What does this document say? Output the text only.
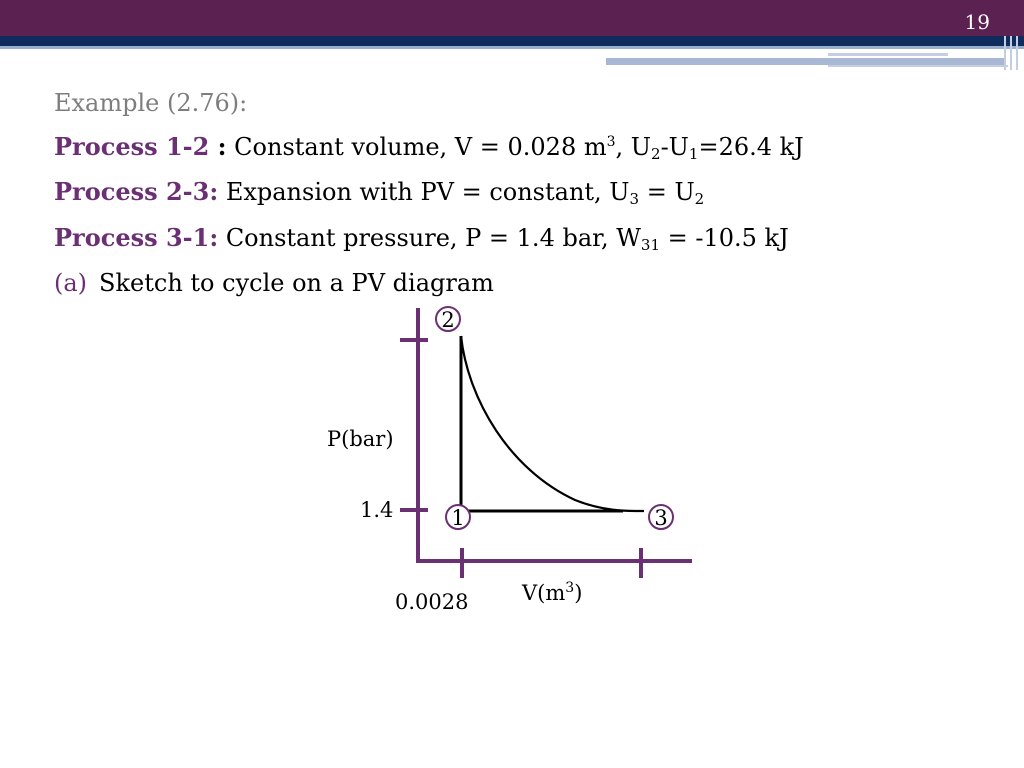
19
Example (2.76):
Process 1-2 : Constant volume, V = 0.028 $m^3$, $U_2-U_1=26.4$ kJ
Process 2-3: Expansion with PV = constant, $U_3 = U_2$
Process 3-1: Constant pressure, P = 1.4 bar, $W_{31} = -10.5$ kJ
(a) Sketch to cycle on a PV diagram
2
1	3
P(bar)
1.4
0.0028	$V(m^3)$
